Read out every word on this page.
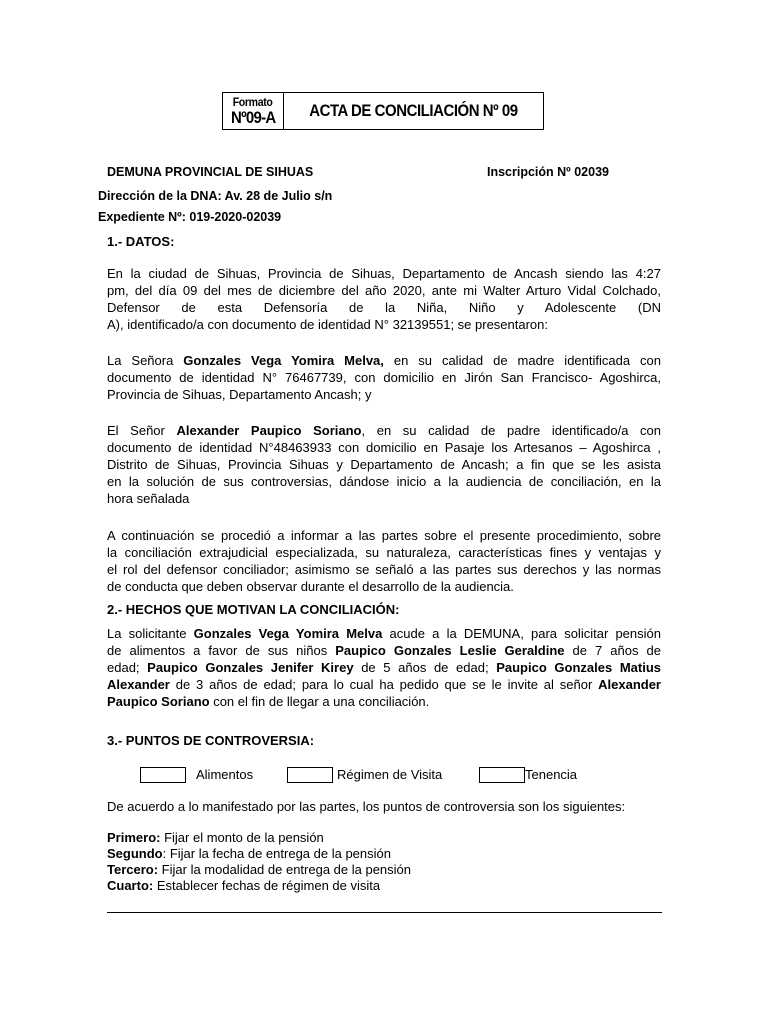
Formato
Nº09-A ACTA DE CONCILIACIÓN Nº 09
DEMUNA PROVINCIAL DE SIHUAS	Inscripción Nº 02039
Dirección de la DNA: Av. 28 de Julio s/n
Expediente Nº: 019-2020-02039
1.- DATOS:
En la ciudad de Sihuas, Provincia de Sihuas, Departamento de Ancash siendo las 4:27
pm, del día 09 del mes de diciembre del año 2020, ante mi Walter Arturo Vidal Colchado,
Defensor de esta Defensoría de la Niña, Niño y Adolescente (DN
A), identificado/a con documento de identidad N° 32139551; se presentaron:
La Señora Gonzales Vega Yomira Melva, en su calidad de madre identificada con
documento de identidad N° 76467739, con domicilio en Jirón San Francisco- Agoshirca,
Provincia de Sihuas, Departamento Ancash; y
El Señor Alexander Paupico Soriano, en su calidad de padre identificado/a con
documento de identidad N°48463933 con domicilio en Pasaje los Artesanos – Agoshirca ,
Distrito de Sihuas, Provincia Sihuas y Departamento de Ancash; a fin que se les asista
en la solución de sus controversias, dándose inicio a la audiencia de conciliación, en la
hora señalada
A continuación se procedió a informar a las partes sobre el presente procedimiento, sobre
la conciliación extrajudicial especializada, su naturaleza, características fines y ventajas y
el rol del defensor conciliador; asimismo se señaló a las partes sus derechos y las normas
de conducta que deben observar durante el desarrollo de la audiencia.
2.- HECHOS QUE MOTIVAN LA CONCILIACIÓN:
La solicitante Gonzales Vega Yomira Melva acude a la DEMUNA, para solicitar pensión
de alimentos a favor de sus niños Paupico Gonzales Leslie Geraldine de 7 años de
edad; Paupico Gonzales Jenifer Kirey de 5 años de edad; Paupico Gonzales Matius
Alexander de 3 años de edad; para lo cual ha pedido que se le invite al señor Alexander
Paupico Soriano con el fin de llegar a una conciliación.
3.- PUNTOS DE CONTROVERSIA:
Alimentos	Régimen de Visita	Tenencia
De acuerdo a lo manifestado por las partes, los puntos de controversia son los siguientes:
Primero: Fijar el monto de la pensión
Segundo: Fijar la fecha de entrega de la pensión
Tercero: Fijar la modalidad de entrega de la pensión
Cuarto: Establecer fechas de régimen de visita
